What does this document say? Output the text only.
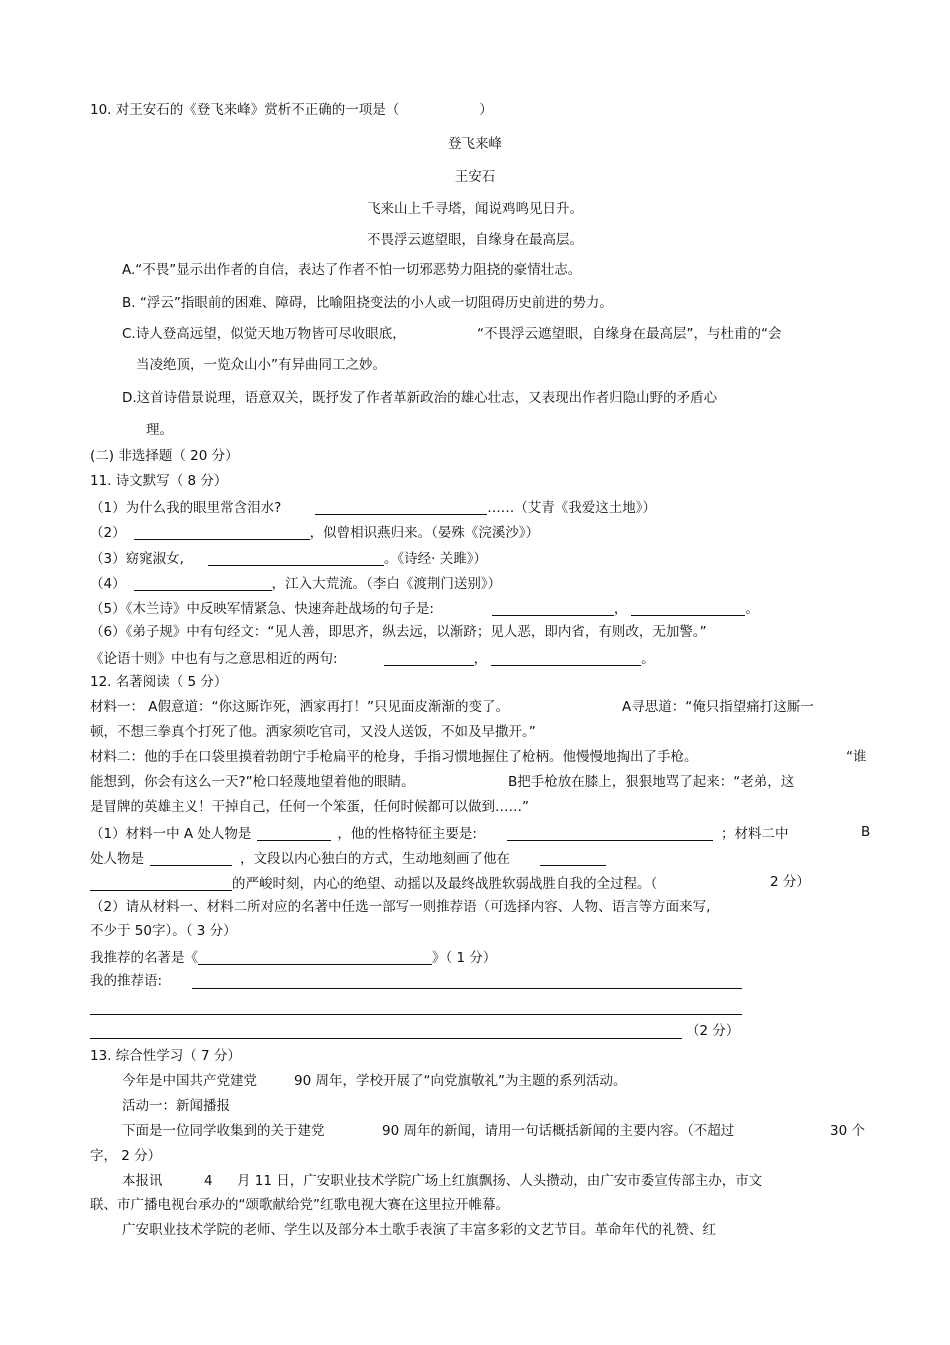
10. 对王安石的《登飞来峰》赏析不正确的一项是（	）
登飞来峰
王安石
飞来山上千寻塔，闻说鸡鸣见日升。
不畏浮云遮望眼，自缘身在最高层。
A.“不畏”显示出作者的自信，表达了作者不怕一切邪恶势力阻挠的豪情壮志。
B. “浮云”指眼前的困难、障碍，比喻阻挠变法的小人或一切阻碍历史前进的势力。
C.诗人登高远望，似觉天地万物皆可尽收眼底，	“不畏浮云遮望眼，自缘身在最高层”，与杜甫的“会
当凌绝顶，一览众山小”有异曲同工之妙。
D.这首诗借景说理，语意双关，既抒发了作者革新政治的雄心壮志，又表现出作者归隐山野的矛盾心
理。
(二) 非选择题（ 20 分）
11. 诗文默写（ 8 分）
（1）为什么我的眼里常含泪水?	……（艾青《我爱这土地》）
（2）	，似曾相识燕归来。（晏殊《浣溪沙》）
（3）窈窕淑女,	。《诗经· 关雎》）
（4）	，江入大荒流。（李白《渡荆门送别》）
（5）《木兰诗》中反映军情紧急、快速奔赴战场的句子是:	，	。
（6）《弟子规》中有句经文：“见人善，即思齐，纵去远，以渐跻；见人恶，即内省，有则改，无加警。”
《论语十则》中也有与之意思相近的两句:	，	。
12. 名著阅读（ 5 分）
材料一： A假意道：“你这厮诈死，洒家再打！”只见面皮渐渐的变了。	A寻思道：“俺只指望痛打这厮一
顿，不想三拳真个打死了他。洒家须吃官司，又没人送饭，不如及早撒开。”
材料二：他的手在口袋里摸着勃朗宁手枪扁平的枪身，手指习惯地握住了枪柄。他慢慢地掏出了手枪。	“谁
能想到，你会有这么一天?”枪口轻蔑地望着他的眼睛。	B把手枪放在膝上，狠狠地骂了起来：“老弟，这
是冒牌的英雄主义！干掉自己，任何一个笨蛋，任何时候都可以做到……”
（1）材料一中 A 处人物是	，他的性格特征主要是:	；材料二中	B
处人物是	，文段以内心独白的方式，生动地刻画了他在
的严峻时刻，内心的绝望、动摇以及最终战胜软弱战胜自我的全过程。（	2 分）
（2）请从材料一、材料二所对应的名著中任选一部写一则推荐语（可选择内容、人物、语言等方面来写,
不少于 50字）。（ 3 分）
我推荐的名著是《	》（ 1 分）
我的推荐语:
（2 分）
13. 综合性学习（ 7 分）
今年是中国共产党建党	90 周年，学校开展了“向党旗敬礼”为主题的系列活动。
活动一：新闻播报
下面是一位同学收集到的关于建党	90 周年的新闻，请用一句话概括新闻的主要内容。（不超过	30 个
字， 2 分）
本报讯	4 月 11 日，广安职业技术学院广场上红旗飘扬、人头攒动，由广安市委宣传部主办，市文
联、市广播电视台承办的“颂歌献给党”红歌电视大赛在这里拉开帷幕。
广安职业技术学院的老师、学生以及部分本土歌手表演了丰富多彩的文艺节目。革命年代的礼赞、红
